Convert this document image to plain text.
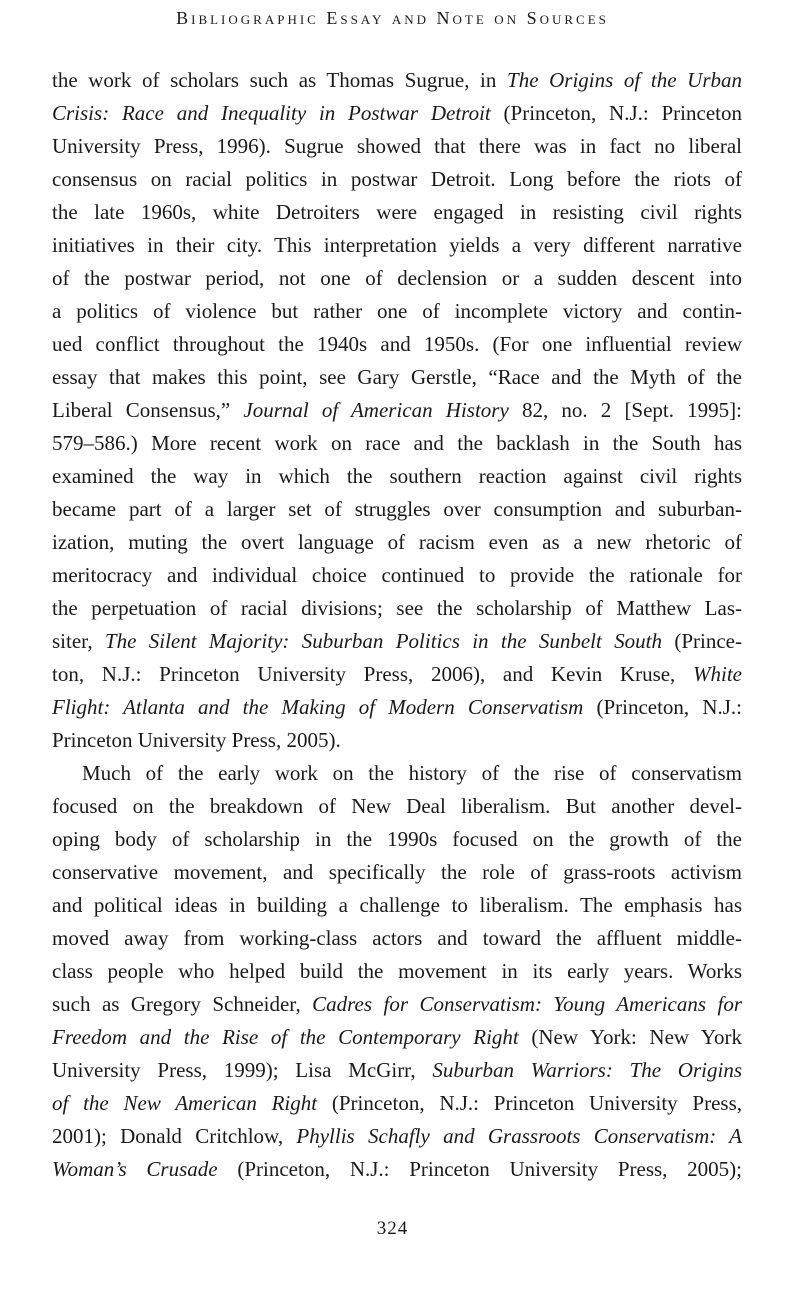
Bibliographic Essay and Note on Sources
the work of scholars such as Thomas Sugrue, in The Origins of the Urban
Crisis: Race and Inequality in Postwar Detroit (Princeton, N.J.: Princeton
University Press, 1996). Sugrue showed that there was in fact no liberal
consensus on racial politics in postwar Detroit. Long before the riots of
the late 1960s, white Detroiters were engaged in resisting civil rights
initiatives in their city. This interpretation yields a very different narrative
of the postwar period, not one of declension or a sudden descent into
a politics of violence but rather one of incomplete victory and contin-
ued conflict throughout the 1940s and 1950s. (For one influential review
essay that makes this point, see Gary Gerstle, “Race and the Myth of the
Liberal Consensus,” Journal of American History 82, no. 2 [Sept. 1995]:
579–586.) More recent work on race and the backlash in the South has
examined the way in which the southern reaction against civil rights
became part of a larger set of struggles over consumption and suburban-
ization, muting the overt language of racism even as a new rhetoric of
meritocracy and individual choice continued to provide the rationale for
the perpetuation of racial divisions; see the scholarship of Matthew Las-
siter, The Silent Majority: Suburban Politics in the Sunbelt South (Prince-
ton, N.J.: Princeton University Press, 2006), and Kevin Kruse, White
Flight: Atlanta and the Making of Modern Conservatism (Princeton, N.J.:
Princeton University Press, 2005).
Much of the early work on the history of the rise of conservatism
focused on the breakdown of New Deal liberalism. But another devel-
oping body of scholarship in the 1990s focused on the growth of the
conservative movement, and specifically the role of grass-roots activism
and political ideas in building a challenge to liberalism. The emphasis has
moved away from working-class actors and toward the affluent middle-
class people who helped build the movement in its early years. Works
such as Gregory Schneider, Cadres for Conservatism: Young Americans for
Freedom and the Rise of the Contemporary Right (New York: New York
University Press, 1999); Lisa McGirr, Suburban Warriors: The Origins
of the New American Right (Princeton, N.J.: Princeton University Press,
2001); Donald Critchlow, Phyllis Schafly and Grassroots Conservatism: A
Woman’s Crusade (Princeton, N.J.: Princeton University Press, 2005);
324
